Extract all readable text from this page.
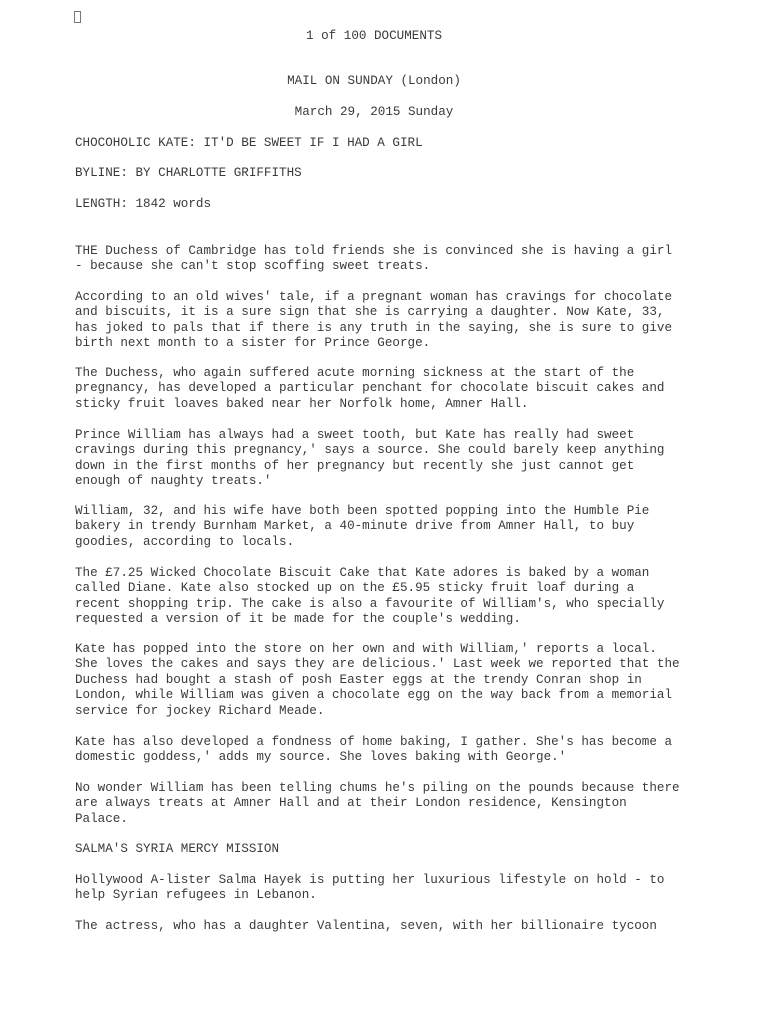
1 of 100 DOCUMENTS
MAIL ON SUNDAY (London)
March 29, 2015 Sunday
CHOCOHOLIC KATE: IT'D BE SWEET IF I HAD A GIRL
BYLINE: BY CHARLOTTE GRIFFITHS
LENGTH: 1842 words
THE Duchess of Cambridge has told friends she is convinced she is having a girl
- because she can't stop scoffing sweet treats.
According to an old wives' tale, if a pregnant woman has cravings for chocolate
and biscuits, it is a sure sign that she is carrying a daughter. Now Kate, 33,
has joked to pals that if there is any truth in the saying, she is sure to give
birth next month to a sister for Prince George.
The Duchess, who again suffered acute morning sickness at the start of the
pregnancy, has developed a particular penchant for chocolate biscuit cakes and
sticky fruit loaves baked near her Norfolk home, Amner Hall.
Prince William has always had a sweet tooth, but Kate has really had sweet
cravings during this pregnancy,' says a source. She could barely keep anything
down in the first months of her pregnancy but recently she just cannot get
enough of naughty treats.'
William, 32, and his wife have both been spotted popping into the Humble Pie
bakery in trendy Burnham Market, a 40-minute drive from Amner Hall, to buy
goodies, according to locals.
The £7.25 Wicked Chocolate Biscuit Cake that Kate adores is baked by a woman
called Diane. Kate also stocked up on the £5.95 sticky fruit loaf during a
recent shopping trip. The cake is also a favourite of William's, who specially
requested a version of it be made for the couple's wedding.
Kate has popped into the store on her own and with William,' reports a local.
She loves the cakes and says they are delicious.' Last week we reported that the
Duchess had bought a stash of posh Easter eggs at the trendy Conran shop in
London, while William was given a chocolate egg on the way back from a memorial
service for jockey Richard Meade.
Kate has also developed a fondness of home baking, I gather. She's has become a
domestic goddess,' adds my source. She loves baking with George.'
No wonder William has been telling chums he's piling on the pounds because there
are always treats at Amner Hall and at their London residence, Kensington
Palace.
SALMA'S SYRIA MERCY MISSION
Hollywood A-lister Salma Hayek is putting her luxurious lifestyle on hold - to
help Syrian refugees in Lebanon.
The actress, who has a daughter Valentina, seven, with her billionaire tycoon
